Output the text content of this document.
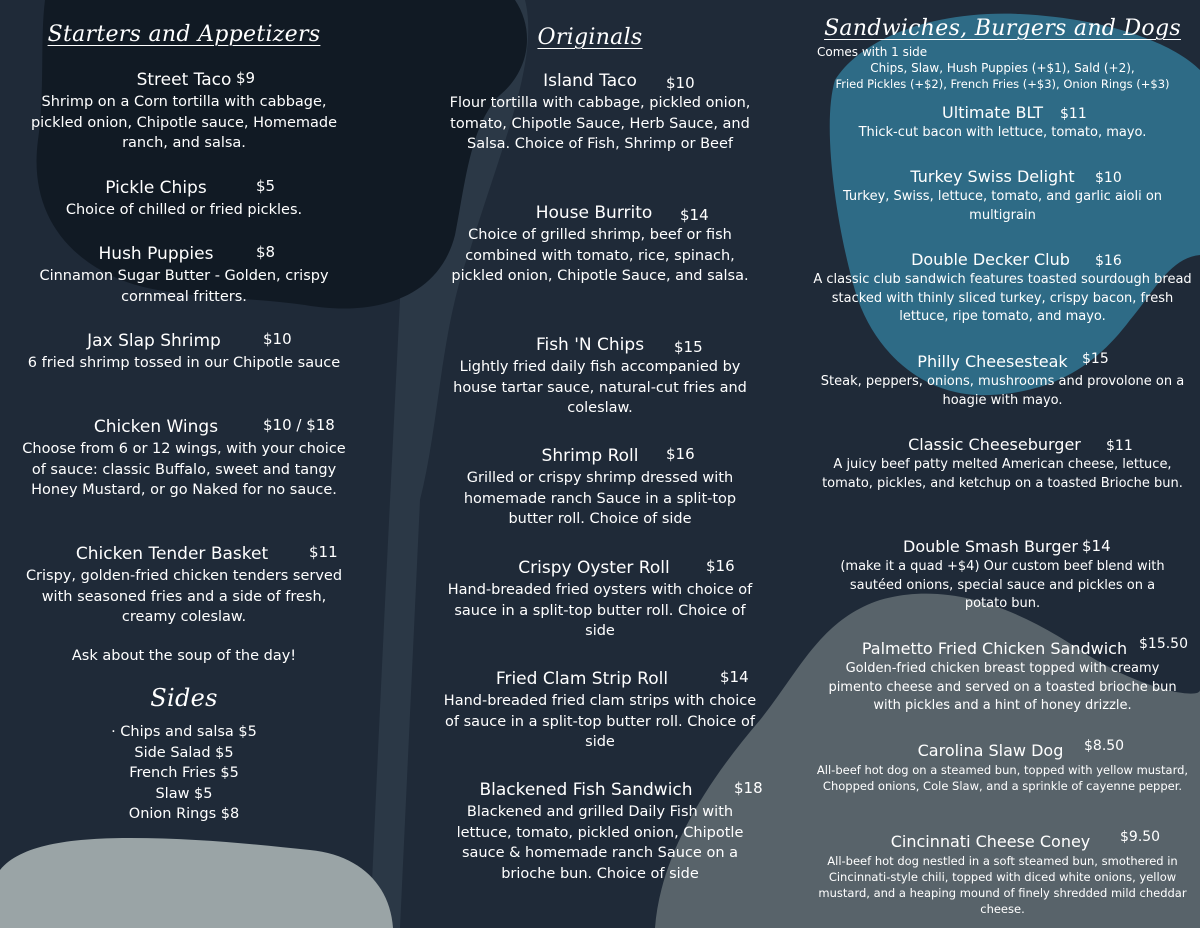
Starters and Appetizers
Street Taco $9
Shrimp on a Corn tortilla with cabbage, pickled onion, Chipotle sauce, Homemade ranch, and salsa.
Pickle Chips	$5
Choice of chilled or fried pickles.
Hush Puppies	$8
Cinnamon Sugar Butter - Golden, crispy cornmeal fritters.
Jax Slap Shrimp	$10
6 fried shrimp tossed in our Chipotle sauce
Chicken Wings	$10 / $18
Choose from 6 or 12 wings, with your choice of sauce: classic Buffalo, sweet and tangy Honey Mustard, or go Naked for no sauce.
Chicken Tender Basket	$11
Crispy, golden-fried chicken tenders served with seasoned fries and a side of fresh, creamy coleslaw.
Ask about the soup of the day!
Sides
· Chips and salsa $5
Side Salad $5
French Fries $5
Slaw $5
Onion Rings $8
Originals
Island Taco $10
Flour tortilla with cabbage, pickled onion, tomato, Chipotle Sauce, Herb Sauce, and Salsa. Choice of Fish, Shrimp or Beef
House Burrito $14
Choice of grilled shrimp, beef or fish combined with tomato, rice, spinach, pickled onion, Chipotle Sauce, and salsa.
Fish 'N Chips $15
Lightly fried daily fish accompanied by house tartar sauce, natural-cut fries and coleslaw.
Shrimp Roll $16
Grilled or crispy shrimp dressed with homemade ranch Sauce in a split-top butter roll. Choice of side
Crispy Oyster Roll $16
Hand-breaded fried oysters with choice of sauce in a split-top butter roll. Choice of side
Fried Clam Strip Roll	$14
Hand-breaded fried clam strips with choice of sauce in a split-top butter roll. Choice of side
Blackened Fish Sandwich	$18
Blackened and grilled Daily Fish with lettuce, tomato, pickled onion, Chipotle sauce & homemade ranch Sauce on a brioche bun. Choice of side
Sandwiches, Burgers and Dogs
Comes with 1 side
Chips, Slaw, Hush Puppies (+$1), Sald (+2),
Fried Pickles (+$2), French Fries (+$3), Onion Rings (+$3)
Ultimate BLT $11
Thick-cut bacon with lettuce, tomato, mayo.
Turkey Swiss Delight $10
Turkey, Swiss, lettuce, tomato, and garlic aioli on multigrain
Double Decker Club $16
A classic club sandwich features toasted sourdough bread stacked with thinly sliced turkey, crispy bacon, fresh lettuce, ripe tomato, and mayo.
Philly Cheesesteak $15
Steak, peppers, onions, mushrooms and provolone on a hoagie with mayo.
Classic Cheeseburger $11
A juicy beef patty melted American cheese, lettuce, tomato, pickles, and ketchup on a toasted Brioche bun.
Double Smash Burger $14
(make it a quad +$4) Our custom beef blend with sautéed onions, special sauce and pickles on a potato bun.
Palmetto Fried Chicken Sandwich $15.50
Golden-fried chicken breast topped with creamy pimento cheese and served on a toasted brioche bun with pickles and a hint of honey drizzle.
Carolina Slaw Dog $8.50
All-beef hot dog on a steamed bun, topped with yellow mustard, Chopped onions, Cole Slaw, and a sprinkle of cayenne pepper.
Cincinnati Cheese Coney $9.50
All-beef hot dog nestled in a soft steamed bun, smothered in Cincinnati-style chili, topped with diced white onions, yellow mustard, and a heaping mound of finely shredded mild cheddar cheese.
